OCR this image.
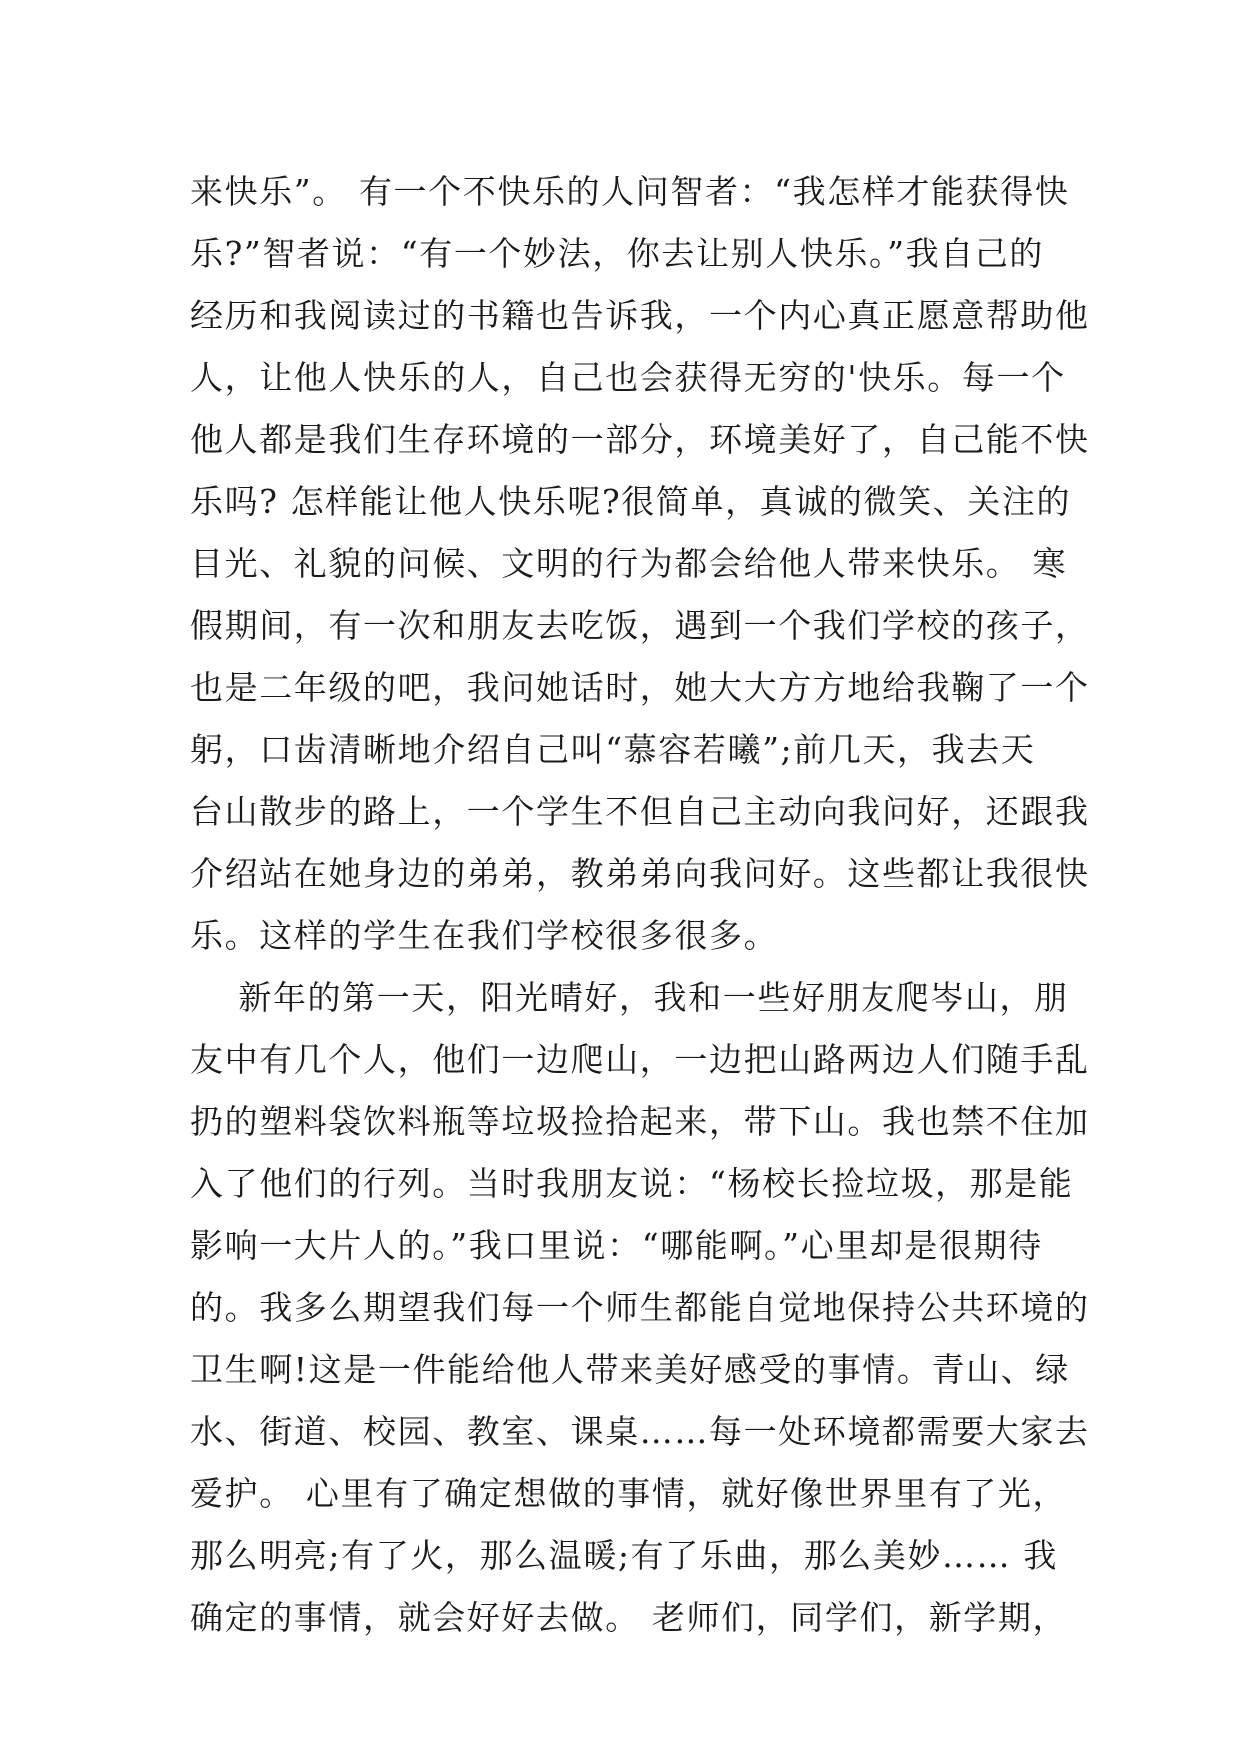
来快乐”。 有一个不快乐的人问智者：“我怎样才能获得快
乐?”智者说：“有一个妙法，你去让别人快乐。”我自己的
经历和我阅读过的书籍也告诉我，一个内心真正愿意帮助他
人，让他人快乐的人，自己也会获得无穷的'快乐。每一个
他人都是我们生存环境的一部分，环境美好了，自己能不快
乐吗? 怎样能让他人快乐呢?很简单，真诚的微笑、关注的
目光、礼貌的问候、文明的行为都会给他人带来快乐。 寒
假期间，有一次和朋友去吃饭，遇到一个我们学校的孩子，
也是二年级的吧，我问她话时，她大大方方地给我鞠了一个
躬，口齿清晰地介绍自己叫“慕容若曦”;前几天，我去天
台山散步的路上，一个学生不但自己主动向我问好，还跟我
介绍站在她身边的弟弟，教弟弟向我问好。这些都让我很快
乐。这样的学生在我们学校很多很多。
新年的第一天，阳光晴好，我和一些好朋友爬岑山，朋
友中有几个人，他们一边爬山，一边把山路两边人们随手乱
扔的塑料袋饮料瓶等垃圾捡拾起来，带下山。我也禁不住加
入了他们的行列。当时我朋友说：“杨校长捡垃圾，那是能
影响一大片人的。”我口里说：“哪能啊。”心里却是很期待
的。我多么期望我们每一个师生都能自觉地保持公共环境的
卫生啊!这是一件能给他人带来美好感受的事情。青山、绿
水、街道、校园、教室、课桌……每一处环境都需要大家去
爱护。 心里有了确定想做的事情，就好像世界里有了光，
那么明亮;有了火，那么温暖;有了乐曲，那么美妙…… 我
确定的事情，就会好好去做。 老师们，同学们，新学期，
